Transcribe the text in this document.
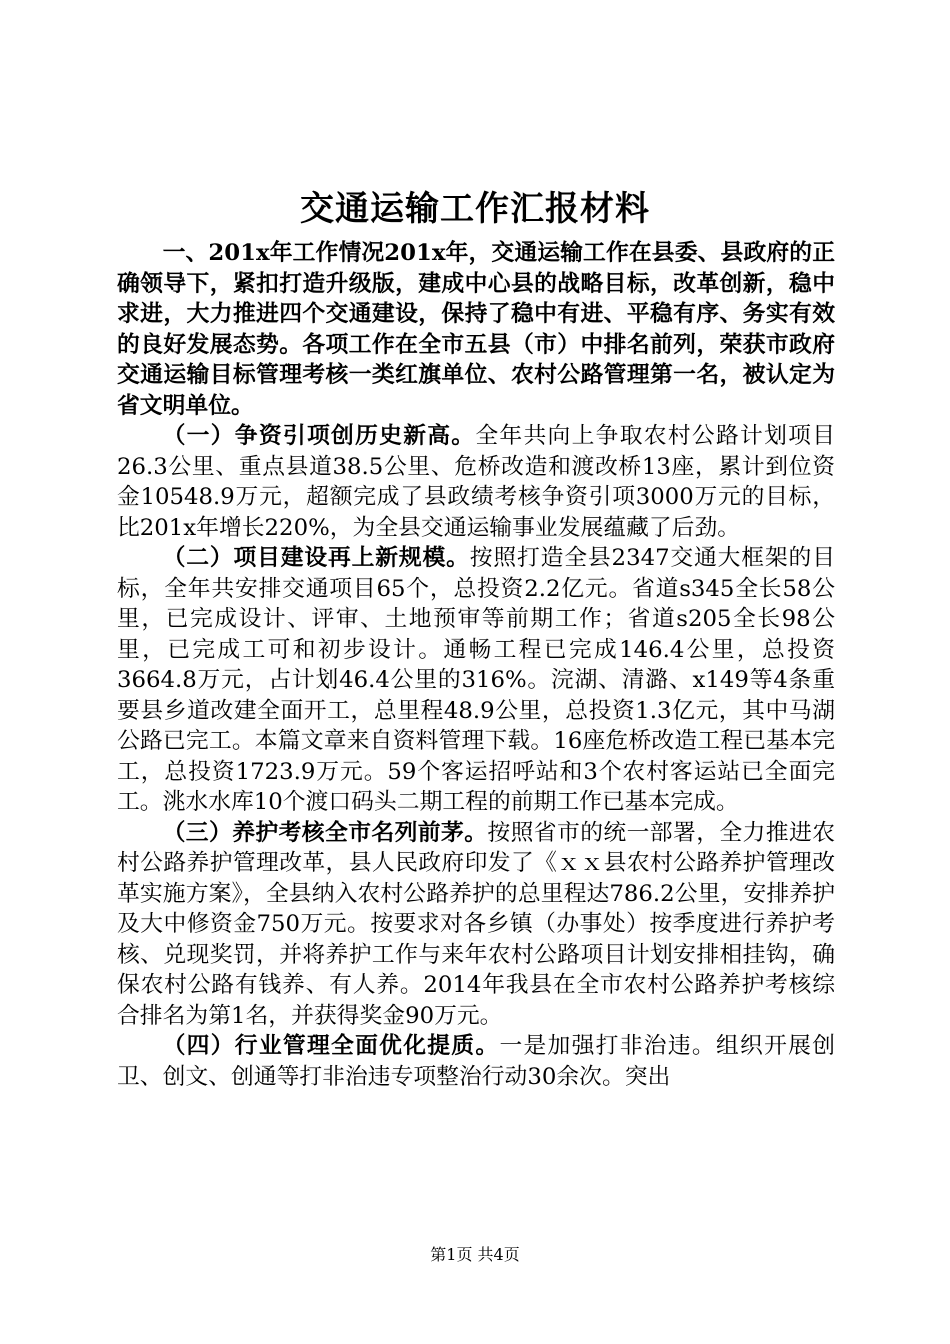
交通运输工作汇报材料

一、201x年工作情况201x年，交通运输工作在县委、县政府的正确领导下，紧扣打造升级版，建成中心县的战略目标，改革创新，稳中求进，大力推进四个交通建设，保持了稳中有进、平稳有序、务实有效的良好发展态势。各项工作在全市五县（市）中排名前列，荣获市政府交通运输目标管理考核一类红旗单位、农村公路管理第一名，被认定为省文明单位。

（一）争资引项创历史新高。全年共向上争取农村公路计划项目26.3公里、重点县道38.5公里、危桥改造和渡改桥13座，累计到位资金10548.9万元，超额完成了县政绩考核争资引项3000万元的目标，比201x年增长220%，为全县交通运输事业发展蕴藏了后劲。

（二）项目建设再上新规模。按照打造全县2347交通大框架的目标，全年共安排交通项目65个，总投资2.2亿元。省道s345全长58公里，已完成设计、评审、土地预审等前期工作；省道s205全长98公里，已完成工可和初步设计。通畅工程已完成146.4公里，总投资3664.8万元，占计划46.4公里的316%。浣湖、清潞、x149等4条重要县乡道改建全面开工，总里程48.9公里，总投资1.3亿元，其中马湖公路已完工。本篇文章来自资料管理下载。16座危桥改造工程已基本完工，总投资1723.9万元。59个客运招呼站和3个农村客运站已全面完工。洮水水库10个渡口码头二期工程的前期工作已基本完成。

（三）养护考核全市名列前茅。按照省市的统一部署，全力推进农村公路养护管理改革，县人民政府印发了《ｘｘ县农村公路养护管理改革实施方案》，全县纳入农村公路养护的总里程达786.2公里，安排养护及大中修资金750万元。按要求对各乡镇（办事处）按季度进行养护考核、兑现奖罚，并将养护工作与来年农村公路项目计划安排相挂钩，确保农村公路有钱养、有人养。2014年我县在全市农村公路养护考核综合排名为第1名，并获得奖金90万元。

（四）行业管理全面优化提质。一是加强打非治违。组织开展创卫、创文、创通等打非治违专项整治行动30余次。突出

第1页 共4页
